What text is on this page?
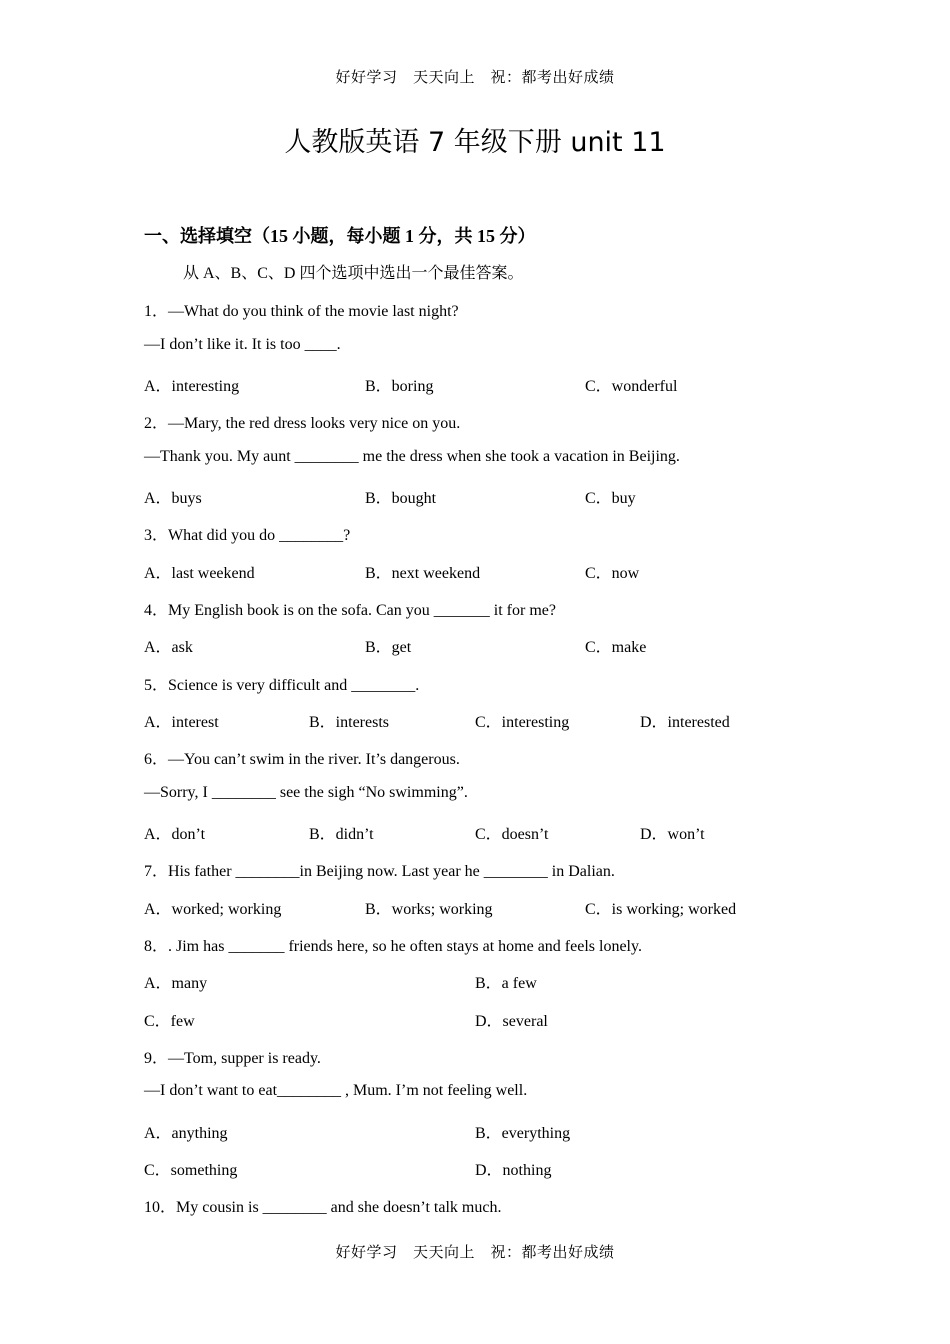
好好学习　天天向上　祝：都考出好成绩
人教版英语 7 年级下册 unit 11
一、选择填空（15 小题，每小题 1 分，共 15 分）
从 A、B、C、D 四个选项中选出一个最佳答案。
1．—What do you think of the movie last night?
—I don’t like it. It is too ____.
A．interesting	B．boring	C．wonderful
2．—Mary, the red dress looks very nice on you.
—Thank you. My aunt ________ me the dress when she took a vacation in Beijing.
A．buys	B．bought	C．buy
3．What did you do ________?
A．last weekend	B．next weekend	C．now
4．My English book is on the sofa. Can you _______ it for me?
A．ask	B．get	C．make
5．Science is very difficult and ________.
A．interest	B．interests	C．interesting	D．interested
6．—You can’t swim in the river. It’s dangerous.
—Sorry, I ________ see the sigh “No swimming”.
A．don’t	B．didn’t	C．doesn’t	D．won’t
7．His father ________in Beijing now. Last year he ________ in Dalian.
A．worked; working	B．works; working	C．is working; worked
8．. Jim has _______ friends here, so he often stays at home and feels lonely.
A．many	B．a few
C．few	D．several
9．—Tom, supper is ready.
—I don’t want to eat________ , Mum. I’m not feeling well.
A．anything	B．everything
C．something	D．nothing
10．My cousin is ________ and she doesn’t talk much.
好好学习　天天向上　祝：都考出好成绩
